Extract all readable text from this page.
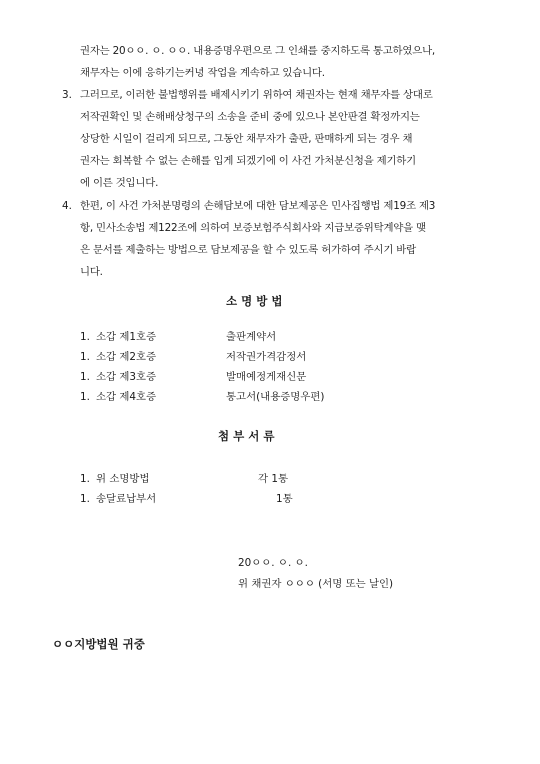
권자는 20ㅇㅇ. ㅇ. ㅇㅇ. 내용증명우편으로 그 인쇄를 중지하도록 통고하였으나,
채무자는 이에 응하기는커녕 작업을 계속하고 있습니다.
3. 그러므로, 이러한 불법행위를 배제시키기 위하여 채권자는 현재 채무자를 상대로
저작권확인 및 손해배상청구의 소송을 준비 중에 있으나 본안판결 확정까지는
상당한 시일이 걸리게 되므로, 그동안 채무자가 출판, 판매하게 되는 경우 채
권자는 회복할 수 없는 손해를 입게 되겠기에 이 사건 가처분신청을 제기하기
에 이른 것입니다.
4. 한편, 이 사건 가처분명령의 손해담보에 대한 담보제공은 민사집행법 제19조 제3
항, 민사소송법 제122조에 의하여 보증보험주식회사와 지급보증위탁계약을 맺
은 문서를 제출하는 방법으로 담보제공을 할 수 있도록 허가하여 주시기 바랍
니다.
소 명 방 법
1. 소갑 제1호증	출판계약서
1. 소갑 제2호증	저작권가격감정서
1. 소갑 제3호증	발매예정게재신문
1. 소갑 제4호증	통고서(내용증명우편)
첨 부 서 류
1. 위 소명방법	각 1통
1. 송달료납부서	1통
20ㅇㅇ. ㅇ. ㅇ.
위 채권자 ㅇㅇㅇ (서명 또는 날인)
ㅇㅇ지방법원 귀중
